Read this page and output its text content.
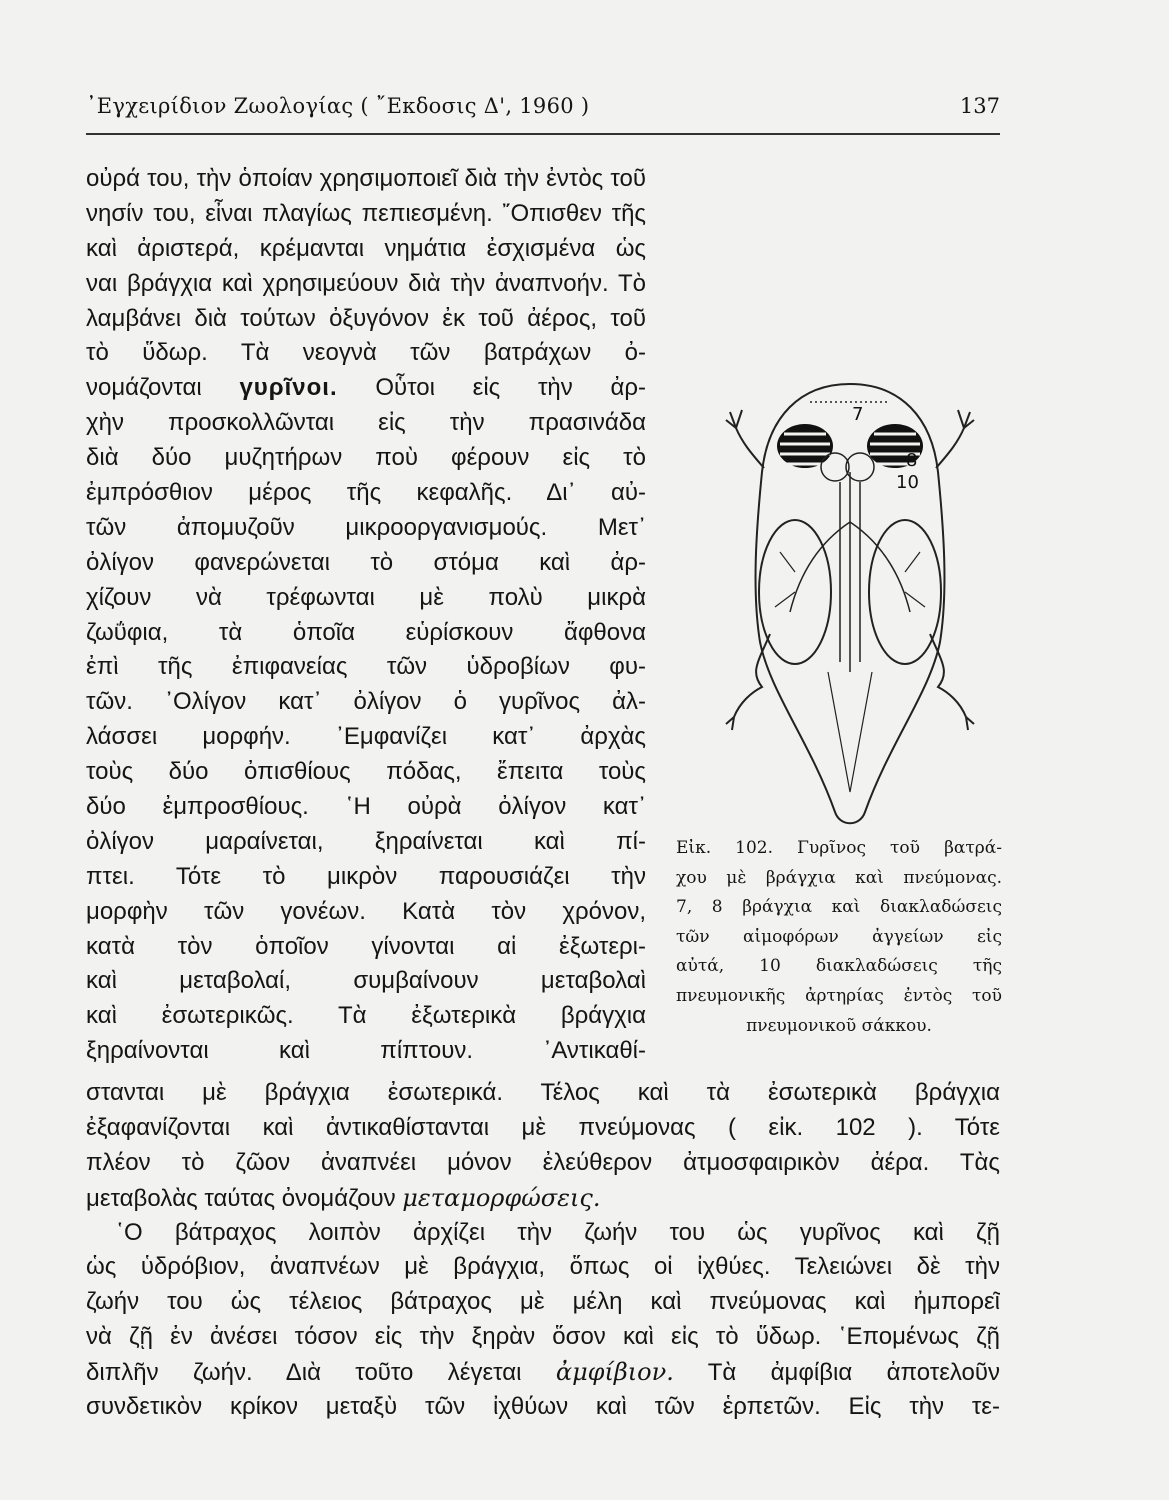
᾽Εγχειρίδιον Ζωολογίας ( ῎Εκδοσις Δ', 1960 )	137
οὐρά του, τὴν ὁποίαν χρησιμοποιεῖ διὰ τὴν ἐντὸς τοῦ
νησίν του, εἶναι πλαγίως πεπιεσμένη. ῎Οπισθεν τῆς
καὶ ἀριστερά, κρέμανται νημάτια ἐσχισμένα ὡς
ναι βράγχια καὶ χρησιμεύουν διὰ τὴν ἀναπνοήν. Τὸ
λαμβάνει διὰ τούτων ὀξυγόνον ἐκ τοῦ ἀέρος, τοῦ
τὸ ὕδωρ. Τὰ νεογνὰ τῶν βατράχων ὀ-
νομάζονται γυρῖνοι. Οὗτοι εἰς τὴν ἀρ-
χὴν προσκολλῶνται εἰς τὴν πρασινάδα
διὰ δύο μυζητήρων ποὺ φέρουν εἰς τὸ
ἐμπρόσθιον μέρος τῆς κεφαλῆς. Δι᾽ αὐ-
τῶν ἀπομυζοῦν μικροοργανισμούς. Μετ᾽
ὀλίγον φανερώνεται τὸ στόμα καὶ ἀρ-
χίζουν νὰ τρέφωνται μὲ πολὺ μικρὰ
ζωΰφια, τὰ ὁποῖα εὑρίσκουν ἄφθονα
ἐπὶ τῆς ἐπιφανείας τῶν ὑδροβίων φυ-
τῶν. ᾽Ολίγον κατ᾽ ὀλίγον ὁ γυρῖνος ἀλ-
λάσσει μορφήν. ᾽Εμφανίζει κατ᾽ ἀρχὰς
τοὺς δύο ὀπισθίους πόδας, ἔπειτα τοὺς
δύο ἐμπροσθίους. ῾Η οὐρὰ ὀλίγον κατ᾽
ὀλίγον μαραίνεται, ξηραίνεται καὶ πί-
πτει. Τότε τὸ μικρὸν παρουσιάζει τὴν
μορφὴν τῶν γονέων. Κατὰ τὸν χρόνον,
κατὰ τὸν ὁποῖον γίνονται αἱ ἐξωτερι-
καὶ μεταβολαί, συμβαίνουν μεταβολαὶ
καὶ ἐσωτερικῶς. Τὰ ἐξωτερικὰ βράγχια
ξηραίνονται καὶ πίπτουν. ᾽Αντικαθί-
7
8
10
Εἰκ. 102. Γυρῖνος τοῦ βατρά-
χου μὲ βράγχια καὶ πνεύμονας.
7, 8 βράγχια καὶ διακλαδώσεις
τῶν αἱμοφόρων ἀγγείων εἰς
αὐτά, 10 διακλαδώσεις τῆς
πνευμονικῆς ἀρτηρίας ἐντὸς τοῦ
πνευμονικοῦ σάκκου.
στανται μὲ βράγχια ἐσωτερικά. Τέλος καὶ τὰ ἐσωτερικὰ βράγχια
ἐξαφανίζονται καὶ ἀντικαθίστανται μὲ πνεύμονας ( εἰκ. 102 ). Τότε
πλέον τὸ ζῶον ἀναπνέει μόνον ἐλεύθερον ἀτμοσφαιρικὸν ἀέρα. Τὰς
μεταβολὰς ταύτας ὀνομάζουν μεταμορφώσεις.
῾Ο βάτραχος λοιπὸν ἀρχίζει τὴν ζωήν του ὡς γυρῖνος καὶ ζῇ
ὡς ὑδρόβιον, ἀναπνέων μὲ βράγχια, ὅπως οἱ ἰχθύες. Τελειώνει δὲ τὴν
ζωήν του ὡς τέλειος βάτραχος μὲ μέλη καὶ πνεύμονας καὶ ἠμπορεῖ
νὰ ζῇ ἐν ἀνέσει τόσον εἰς τὴν ξηρὰν ὅσον καὶ εἰς τὸ ὕδωρ. ῾Επομένως ζῇ
διπλῆν ζωήν. Διὰ τοῦτο λέγεται ἀμφίβιον. Τὰ ἀμφίβια ἀποτελοῦν
συνδετικὸν κρίκον μεταξὺ τῶν ἰχθύων καὶ τῶν ἑρπετῶν. Εἰς τὴν τε-
